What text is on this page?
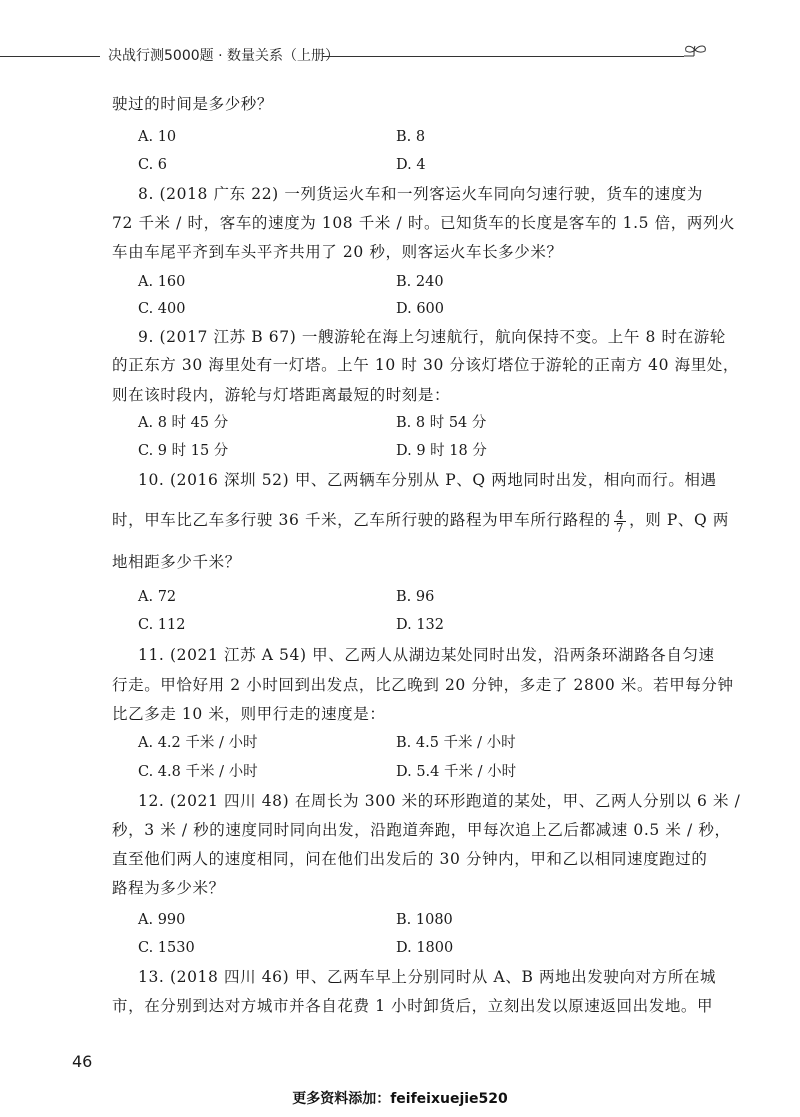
决战行测5000题 · 数量关系（上册）
驶过的时间是多少秒？
A. 10	B. 8
C. 6	D. 4
8. (2018 广东 22) 一列货运火车和一列客运火车同向匀速行驶，货车的速度为
72 千米 / 时，客车的速度为 108 千米 / 时。已知货车的长度是客车的 1.5 倍，两列火
车由车尾平齐到车头平齐共用了 20 秒，则客运火车长多少米？
A. 160	B. 240
C. 400	D. 600
9. (2017 江苏 B 67) 一艘游轮在海上匀速航行，航向保持不变。上午 8 时在游轮
的正东方 30 海里处有一灯塔。上午 10 时 30 分该灯塔位于游轮的正南方 40 海里处，
则在该时段内，游轮与灯塔距离最短的时刻是：
A. 8 时 45 分	B. 8 时 54 分
C. 9 时 15 分	D. 9 时 18 分
10. (2016 深圳 52) 甲、乙两辆车分别从 P、Q 两地同时出发，相向而行。相遇
时，甲车比乙车多行驶 36 千米，乙车所行驶的路程为甲车所行路程的 $\frac{4}{7}$ ，则 P、Q 两
地相距多少千米？
A. 72	B. 96
C. 112	D. 132
11. (2021 江苏 A 54) 甲、乙两人从湖边某处同时出发，沿两条环湖路各自匀速
行走。甲恰好用 2 小时回到出发点，比乙晚到 20 分钟，多走了 2800 米。若甲每分钟
比乙多走 10 米，则甲行走的速度是：
A. 4.2 千米 / 小时	B. 4.5 千米 / 小时
C. 4.8 千米 / 小时	D. 5.4 千米 / 小时
12. (2021 四川 48) 在周长为 300 米的环形跑道的某处，甲、乙两人分别以 6 米 /
秒，3 米 / 秒的速度同时同向出发，沿跑道奔跑，甲每次追上乙后都减速 0.5 米 / 秒，
直至他们两人的速度相同，问在他们出发后的 30 分钟内，甲和乙以相同速度跑过的
路程为多少米？
A. 990	B. 1080
C. 1530	D. 1800
13. (2018 四川 46) 甲、乙两车早上分别同时从 A、B 两地出发驶向对方所在城
市，在分别到达对方城市并各自花费 1 小时卸货后，立刻出发以原速返回出发地。甲
46
更多资料添加：feifeixuejie520
